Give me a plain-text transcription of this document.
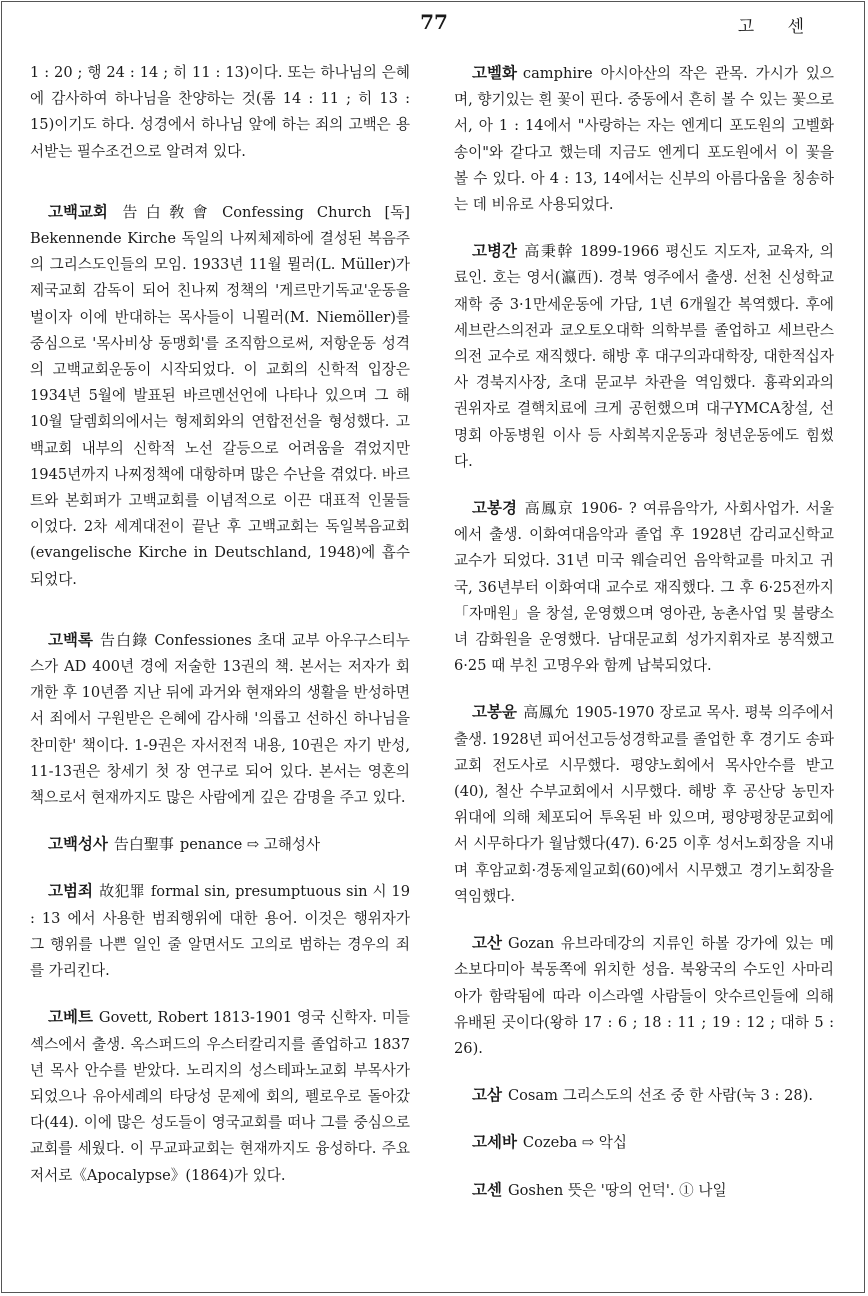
77	고 센

1 : 20 ; 행 24 : 14 ; 히 11 : 13)이다. 또는 하나님의 은혜에 감사하여 하나님을 찬양하는 것(롬 14 : 11 ; 히 13 : 15)이기도 하다. 성경에서 하나님 앞에 하는 죄의 고백은 용서받는 필수조건으로 알려져 있다.

고백교회 告白敎會 Confessing Church [독] Bekennende Kirche 독일의 나찌체제하에 결성된 복음주의 그리스도인들의 모임. 1933년 11월 뮐러(L. Müller)가 제국교회 감독이 되어 친나찌 정책의 '게르만기독교'운동을 벌이자 이에 반대하는 목사들이 니묄러(M. Niemöller)를 중심으로 '목사비상 동맹회'를 조직함으로써, 저항운동 성격의 고백교회운동이 시작되었다. 이 교회의 신학적 입장은 1934년 5월에 발표된 바르멘선언에 나타나 있으며 그 해 10월 달렘회의에서는 형제회와의 연합전선을 형성했다. 고백교회 내부의 신학적 노선 갈등으로 어려움을 겪었지만 1945년까지 나찌정책에 대항하며 많은 수난을 겪었다. 바르트와 본회퍼가 고백교회를 이념적으로 이끈 대표적 인물들이었다. 2차 세계대전이 끝난 후 고백교회는 독일복음교회(evangelische Kirche in Deutschland, 1948)에 흡수되었다.

고백록 告白錄 Confessiones 초대 교부 아우구스티누스가 AD 400년 경에 저술한 13권의 책. 본서는 저자가 회개한 후 10년쯤 지난 뒤에 과거와 현재와의 생활을 반성하면서 죄에서 구원받은 은혜에 감사해 '의롭고 선하신 하나님을 찬미한' 책이다. 1-9권은 자서전적 내용, 10권은 자기 반성, 11-13권은 창세기 첫 장 연구로 되어 있다. 본서는 영혼의 책으로서 현재까지도 많은 사람에게 깊은 감명을 주고 있다.

고백성사 告白聖事 penance ⇨ 고해성사

고범죄 故犯罪 formal sin, presumptuous sin 시 19 : 13 에서 사용한 범죄행위에 대한 용어. 이것은 행위자가 그 행위를 나쁜 일인 줄 알면서도 고의로 범하는 경우의 죄를 가리킨다.

고베트 Govett, Robert 1813-1901 영국 신학자. 미들섹스에서 출생. 옥스퍼드의 우스터칼리지를 졸업하고 1837년 목사 안수를 받았다. 노리지의 성스테파노교회 부목사가 되었으나 유아세례의 타당성 문제에 회의, 펠로우로 돌아갔다(44). 이에 많은 성도들이 영국교회를 떠나 그를 중심으로 교회를 세웠다. 이 무교파교회는 현재까지도 융성하다. 주요 저서로《Apocalypse》(1864)가 있다.

고벨화 camphire 아시아산의 작은 관목. 가시가 있으며, 향기있는 흰 꽃이 핀다. 중동에서 흔히 볼 수 있는 꽃으로서, 아 1 : 14에서 "사랑하는 자는 엔게디 포도원의 고벨화 송이"와 같다고 했는데 지금도 엔게디 포도원에서 이 꽃을 볼 수 있다. 아 4 : 13, 14에서는 신부의 아름다움을 칭송하는 데 비유로 사용되었다.

고병간 高秉幹 1899-1966 평신도 지도자, 교육자, 의료인. 호는 영서(瀛西). 경북 영주에서 출생. 선천 신성학교 재학 중 3·1만세운동에 가담, 1년 6개월간 복역했다. 후에 세브란스의전과 쿄오토오대학 의학부를 졸업하고 세브란스의전 교수로 재직했다. 해방 후 대구의과대학장, 대한적십자사 경북지사장, 초대 문교부 차관을 역임했다. 흉곽외과의 권위자로 결핵치료에 크게 공헌했으며 대구YMCA창설, 선명회 아동병원 이사 등 사회복지운동과 청년운동에도 힘썼다.

고봉경 高鳳京 1906- ? 여류음악가, 사회사업가. 서울에서 출생. 이화여대음악과 졸업 후 1928년 감리교신학교 교수가 되었다. 31년 미국 웨슬리언 음악학교를 마치고 귀국, 36년부터 이화여대 교수로 재직했다. 그 후 6·25전까지 「자매원」을 창설, 운영했으며 영아관, 농촌사업 및 불량소녀 감화원을 운영했다. 남대문교회 성가지휘자로 봉직했고 6·25 때 부친 고명우와 함께 납북되었다.

고봉윤 高鳳允 1905-1970 장로교 목사. 평북 의주에서 출생. 1928년 피어선고등성경학교를 졸업한 후 경기도 송파교회 전도사로 시무했다. 평양노회에서 목사안수를 받고(40), 철산 수부교회에서 시무했다. 해방 후 공산당 농민자위대에 의해 체포되어 투옥된 바 있으며, 평양평창문교회에서 시무하다가 월남했다(47). 6·25 이후 성서노회장을 지내며 후암교회·경동제일교회(60)에서 시무했고 경기노회장을 역임했다.

고산 Gozan 유브라데강의 지류인 하볼 강가에 있는 메소보다미아 북동쪽에 위치한 성읍. 북왕국의 수도인 사마리아가 함락됨에 따라 이스라엘 사람들이 앗수르인들에 의해 유배된 곳이다(왕하 17 : 6 ; 18 : 11 ; 19 : 12 ; 대하 5 : 26).

고삼 Cosam 그리스도의 선조 중 한 사람(눅 3 : 28).

고세바 Cozeba ⇨ 악십

고센 Goshen 뜻은 '땅의 언덕'. ① 나일
